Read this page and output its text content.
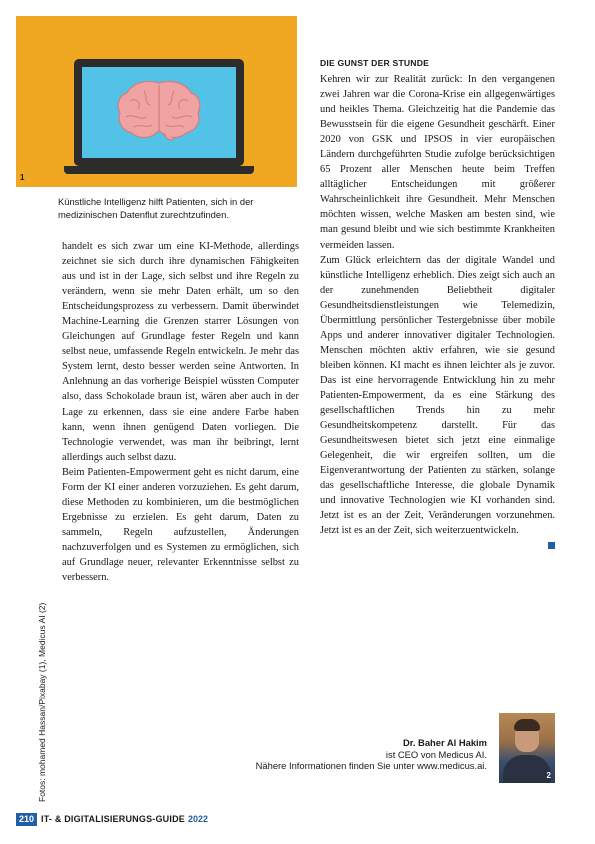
1

Künstliche Intelligenz hilft Patienten, sich in der medizinischen Datenflut zurechtzufinden.

handelt es sich zwar um eine KI-Methode, allerdings zeichnet sie sich durch ihre dynamischen Fähigkeiten aus und ist in der Lage, sich selbst und ihre Regeln zu verändern, wenn sie mehr Daten erhält, um so den Entscheidungsprozess zu verbessern. Damit überwindet Machine-Learning die Grenzen starrer Lösungen von Gleichungen auf Grundlage fester Regeln und kann selbst neue, umfassende Regeln entwickeln. Je mehr das System lernt, desto besser werden seine Antworten. In Anlehnung an das vorherige Beispiel wüssten Computer also, dass Schokolade braun ist, wären aber auch in der Lage zu erkennen, dass sie eine andere Farbe haben kann, wenn ihnen genügend Daten vorliegen. Die Technologie verwendet, was man ihr beibringt, lernt allerdings auch selbst dazu.

Beim Patienten-Empowerment geht es nicht darum, eine Form der KI einer anderen vorzuziehen. Es geht darum, diese Methoden zu kombinieren, um die bestmöglichen Ergebnisse zu erzielen. Es geht darum, Daten zu sammeln, Regeln aufzustellen, Änderungen nachzuverfolgen und es Systemen zu ermöglichen, sich auf Grundlage neuer, relevanter Erkenntnisse selbst zu verbessern.

DIE GUNST DER STUNDE

Kehren wir zur Realität zurück: In den vergangenen zwei Jahren war die Corona-Krise ein allgegenwärtiges und heikles Thema. Gleichzeitig hat die Pandemie das Bewusstsein für die eigene Gesundheit geschärft. Einer 2020 von GSK und IPSOS in vier europäischen Ländern durchgeführten Studie zufolge berücksichtigen 65 Prozent aller Menschen heute beim Treffen alltäglicher Entscheidungen mit größerer Wahrscheinlichkeit ihre Gesundheit. Mehr Menschen möchten wissen, welche Masken am besten sind, wie man gesund bleibt und wie sich bestimmte Krankheiten vermeiden lassen.

Zum Glück erleichtern das der digitale Wandel und künstliche Intelligenz erheblich. Dies zeigt sich auch an der zunehmenden Beliebtheit digitaler Gesundheitsdienstleistungen wie Telemedizin, Übermittlung persönlicher Testergebnisse über mobile Apps und anderer innovativer digitaler Technologien. Menschen möchten aktiv erfahren, wie sie gesund bleiben können. KI macht es ihnen leichter als je zuvor. Das ist eine hervorragende Entwicklung hin zu mehr Patienten-Empowerment, da es eine Stärkung des gesellschaftlichen Trends hin zu mehr Gesundheitskompetenz darstellt. Für das Gesundheitswesen bietet sich jetzt eine einmalige Gelegenheit, die wir ergreifen sollten, um die Eigenverantwortung der Patienten zu stärken, solange das gesellschaftliche Interesse, die globale Dynamik und innovative Technologien wie KI vorhanden sind. Jetzt ist es an der Zeit, Veränderungen vorzunehmen. Jetzt ist es an der Zeit, sich weiterzuentwickeln.

Dr. Baher Al Hakim
ist CEO von Medicus AI.
Nähere Informationen finden Sie unter www.medicus.ai.
2
Fotos: mohamed Hassan/Pixabay (1), Medicus AI (2)
210 IT- & DIGITALISIERUNGS-GUIDE 2022
